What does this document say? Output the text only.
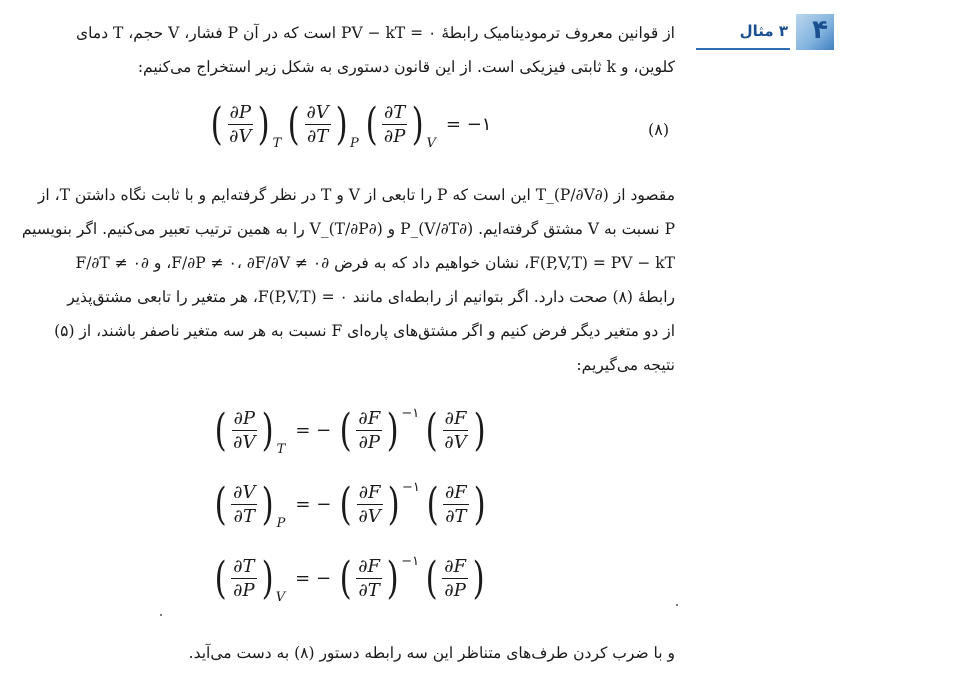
۴
۳ مثال
از قوانین معروف ترمودینامیک رابطهٔ PV − kT = ۰ است که در آن P فشار، V حجم، T دمای
کلوین، و k ثابتی فیزیکی است. از این قانون دستوری به شکل زیر استخراج می‌کنیم:
( $\frac{\partial P}{\partial V}$ ) T ( $\frac{\partial V}{\partial T}$ ) P ( $\frac{\partial T}{\partial P}$ ) V
= −۱	(۸)
مقصود از (∂P/∂V)_T این است که P را تابعی از V و T در نظر گرفته‌ایم و با ثابت نگاه داشتن T، از
P نسبت به V مشتق گرفته‌ایم. (∂V/∂T)_P و (∂T/∂P)_V را به همین ترتیب تعبیر می‌کنیم. اگر بنویسیم
F(P,V,T) = PV − kT، نشان خواهیم داد که به فرض ∂F/∂P ≠ ۰، ∂F/∂V ≠ ۰، و ∂F/∂T ≠ ۰
رابطهٔ (۸) صحت دارد. اگر بتوانیم از رابطه‌ای مانند F(P,V,T) = ۰، هر متغیر را تابعی مشتق‌پذیر
از دو متغیر دیگر فرض کنیم و اگر مشتق‌های پاره‌ای F نسبت به هر سه متغیر ناصفر باشند، از (۵)
نتیجه می‌گیریم:
( $\frac{\partial P}{\partial V}$ ) T
= − ( $\frac{\partial F}{\partial P}$ ) −۱ ( $\frac{\partial F}{\partial V}$ )
( $\frac{\partial V}{\partial T}$ ) P
= − ( $\frac{\partial F}{\partial V}$ ) −۱ ( $\frac{\partial F}{\partial T}$ )
( $\frac{\partial T}{\partial P}$ ) V
= − ( $\frac{\partial F}{\partial T}$ ) −۱ ( $\frac{\partial F}{\partial P}$ )
و با ضرب کردن طرف‌های متناظر این سه رابطه دستور (۸) به دست می‌آید.
